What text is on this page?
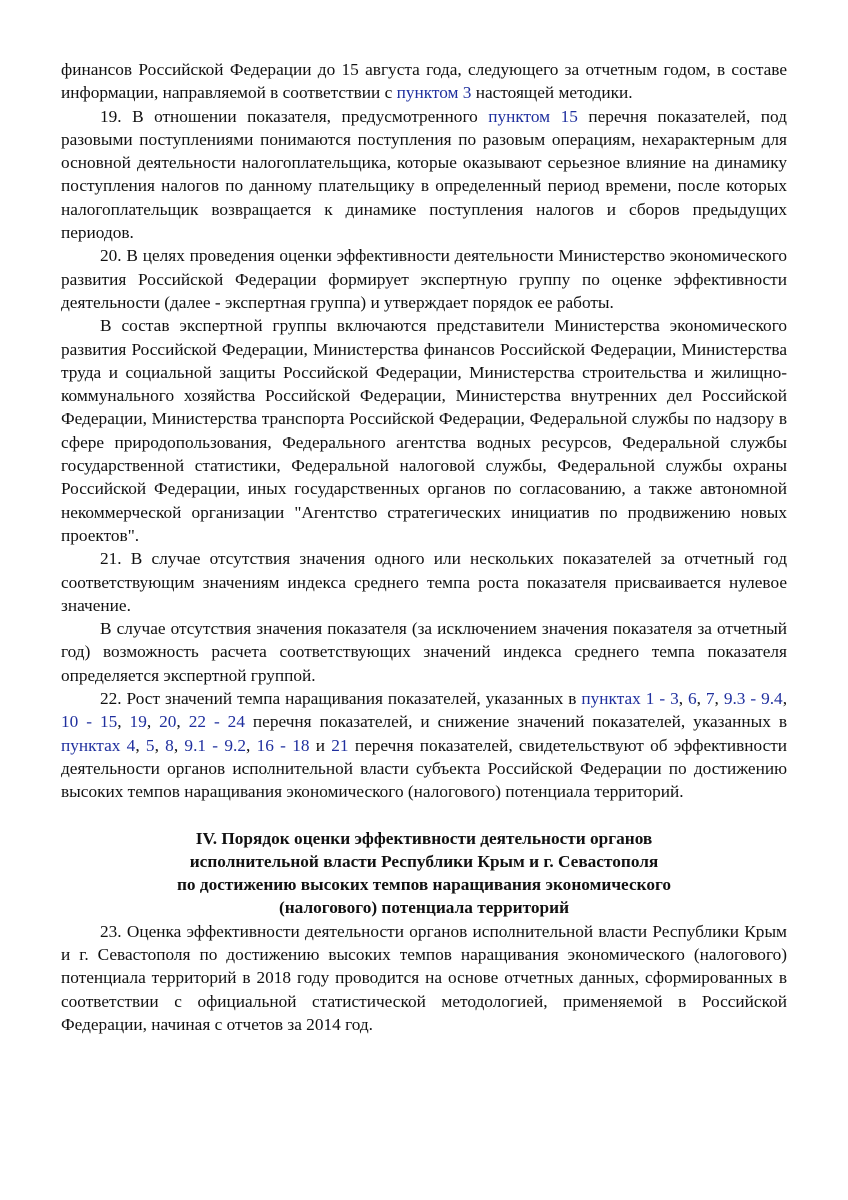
финансов Российской Федерации до 15 августа года, следующего за отчетным годом, в составе информации, направляемой в соответствии с пунктом 3 настоящей методики.

19. В отношении показателя, предусмотренного пунктом 15 перечня показателей, под разовыми поступлениями понимаются поступления по разовым операциям, нехарактерным для основной деятельности налогоплательщика, которые оказывают серьезное влияние на динамику поступления налогов по данному плательщику в определенный период времени, после которых налогоплательщик возвращается к динамике поступления налогов и сборов предыдущих периодов.

20. В целях проведения оценки эффективности деятельности Министерство экономического развития Российской Федерации формирует экспертную группу по оценке эффективности деятельности (далее - экспертная группа) и утверждает порядок ее работы.

В состав экспертной группы включаются представители Министерства экономического развития Российской Федерации, Министерства финансов Российской Федерации, Министерства труда и социальной защиты Российской Федерации, Министерства строительства и жилищно-коммунального хозяйства Российской Федерации, Министерства внутренних дел Российской Федерации, Министерства транспорта Российской Федерации, Федеральной службы по надзору в сфере природопользования, Федерального агентства водных ресурсов, Федеральной службы государственной статистики, Федеральной налоговой службы, Федеральной службы охраны Российской Федерации, иных государственных органов по согласованию, а также автономной некоммерческой организации "Агентство стратегических инициатив по продвижению новых проектов".

21. В случае отсутствия значения одного или нескольких показателей за отчетный год соответствующим значениям индекса среднего темпа роста показателя присваивается нулевое значение.

В случае отсутствия значения показателя (за исключением значения показателя за отчетный год) возможность расчета соответствующих значений индекса среднего темпа показателя определяется экспертной группой.

22. Рост значений темпа наращивания показателей, указанных в пунктах 1 - 3, 6, 7, 9.3 - 9.4, 10 - 15, 19, 20, 22 - 24 перечня показателей, и снижение значений показателей, указанных в пунктах 4, 5, 8, 9.1 - 9.2, 16 - 18 и 21 перечня показателей, свидетельствуют об эффективности деятельности органов исполнительной власти субъекта Российской Федерации по достижению высоких темпов наращивания экономического (налогового) потенциала территорий.

IV. Порядок оценки эффективности деятельности органов
исполнительной власти Республики Крым и г. Севастополя
по достижению высоких темпов наращивания экономического
(налогового) потенциала территорий

23. Оценка эффективности деятельности органов исполнительной власти Республики Крым и г. Севастополя по достижению высоких темпов наращивания экономического (налогового) потенциала территорий в 2018 году проводится на основе отчетных данных, сформированных в соответствии с официальной статистической методологией, применяемой в Российской Федерации, начиная с отчетов за 2014 год.
